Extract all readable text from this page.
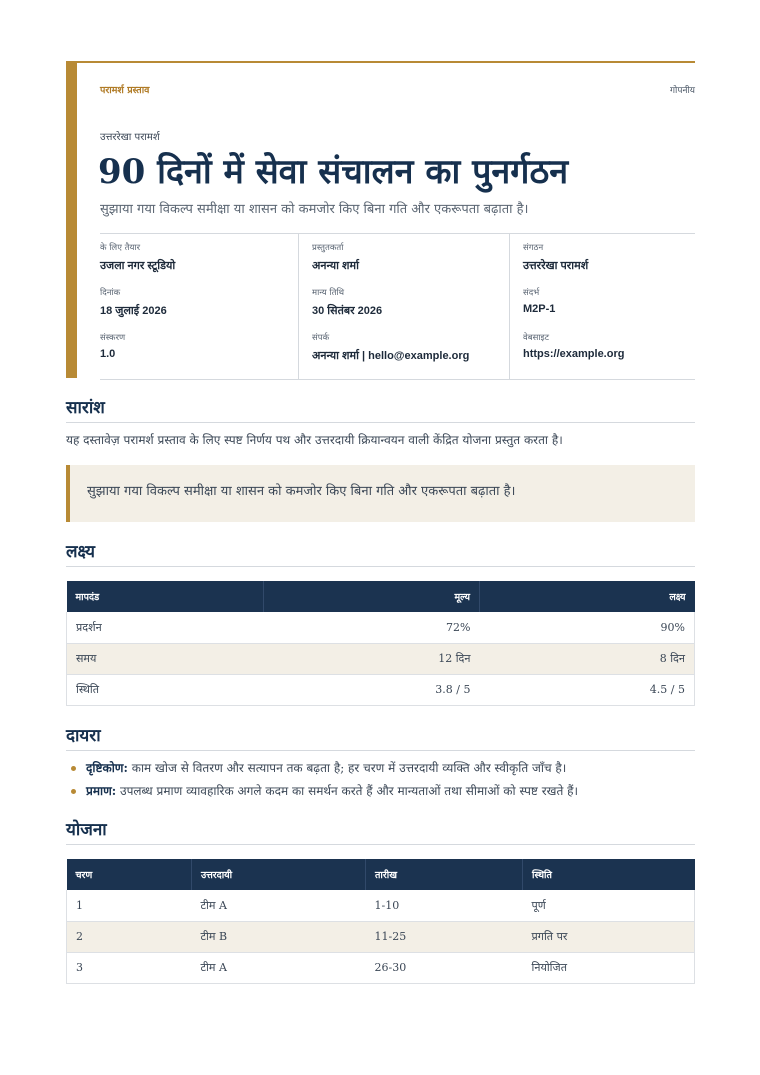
परामर्श प्रस्ताव	गोपनीय
उत्तररेखा परामर्श
90 दिनों में सेवा संचालन का पुनर्गठन
सुझाया गया विकल्प समीक्षा या शासन को कमजोर किए बिना गति और एकरूपता बढ़ाता है।
के लिए तैयार
उजला नगर स्टूडियो
दिनांक
18 जुलाई 2026
संस्करण
1.0
प्रस्तुतकर्ता
अनन्या शर्मा
मान्य तिथि
30 सितंबर 2026
संपर्क
अनन्या शर्मा | hello@example.org
संगठन
उत्तररेखा परामर्श
संदर्भ
M2P-1
वेबसाइट
https://example.org
सारांश

यह दस्तावेज़ परामर्श प्रस्ताव के लिए स्पष्ट निर्णय पथ और उत्तरदायी क्रियान्वयन वाली केंद्रित योजना प्रस्तुत करता है।

सुझाया गया विकल्प समीक्षा या शासन को कमजोर किए बिना गति और एकरूपता बढ़ाता है।
लक्ष्य
मापदंड	मूल्य	लक्ष्य
प्रदर्शन	72%	90%
समय	12 दिन	8 दिन
स्थिति	3.8 / 5	4.5 / 5
दायरा
दृष्टिकोण: काम खोज से वितरण और सत्यापन तक बढ़ता है; हर चरण में उत्तरदायी व्यक्ति और स्वीकृति जाँच है।
प्रमाण: उपलब्ध प्रमाण व्यावहारिक अगले कदम का समर्थन करते हैं और मान्यताओं तथा सीमाओं को स्पष्ट रखते हैं।
योजना
चरण	उत्तरदायी	तारीख	स्थिति
1	टीम A	1-10	पूर्ण
2	टीम B	11-25	प्रगति पर
3	टीम A	26-30	नियोजित
